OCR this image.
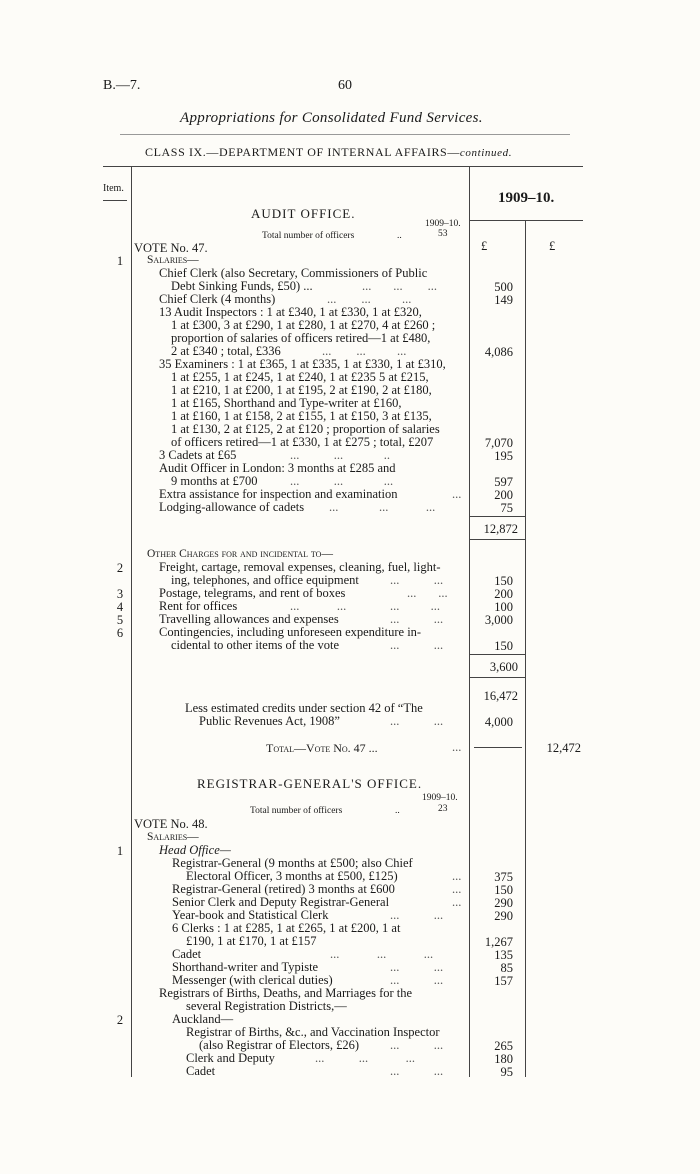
B.—7.	60
Appropriations for Consolidated Fund Services.
CLASS IX.—DEPARTMENT OF INTERNAL AFFAIRS—continued.
Item.
1909–10.
AUDIT OFFICE.
1909–10.
Total number of officers	..	53
VOTE No. 47.	£	£
1	Salaries—
Chief Clerk (also Secretary, Commissioners of Public
Debt Sinking Funds, £50) ...	...       ...        ...	500
Chief Clerk (4 months)	...        ...          ...	149
13 Audit Inspectors : 1 at £340, 1 at £330, 1 at £320,
1 at £300, 3 at £290, 1 at £280, 1 at £270, 4 at £260 ;
proportion of salaries of officers retired—1 at £480,
2 at £340 ; total, £336	...        ...          ...	4,086
35 Examiners : 1 at £365, 1 at £335, 1 at £330, 1 at £310,
1 at £255, 1 at £245, 1 at £240, 1 at £235 5 at £215,
1 at £210, 1 at £200, 1 at £195, 2 at £190, 2 at £180,
1 at £165, Shorthand and Type-writer at £160,
1 at £160, 1 at £158, 2 at £155, 1 at £150, 3 at £135,
1 at £130, 2 at £125, 2 at £120 ; proportion of salaries
of officers retired—1 at £330, 1 at £275 ; total, £207	7,070
3 Cadets at £65	...           ...             ..	195
Audit Officer in London: 3 months at £285 and
9 months at £700	...           ...             ...	597
Extra assistance for inspection and examination	...	200
Lodging-allowance of cadets ...             ...            ...	75
12,872
Other Charges for and incidental to—
2	Freight, cartage, removal expenses, cleaning, fuel, light-
ing, telephones, and office equipment ...           ...	150
3	Postage, telegrams, and rent of boxes	...       ...	200
4	Rent for offices	...            ...              ...          ...	100
5	Travelling allowances and expenses	...           ...	3,000
6	Contingencies, including unforeseen expenditure in-
cidental to other items of the vote	...           ...	150
3,600
16,472
Less estimated credits under section 42 of “The
Public Revenues Act, 1908”	...           ...	4,000
Total—Vote No. 47 ...	...	12,472
REGISTRAR-GENERAL'S OFFICE.
1909–10.
Total number of officers	..	23
VOTE No. 48.
Salaries—
1	Head Office—
Registrar-General (9 months at £500; also Chief
Electoral Officer, 3 months at £500, £125)	...	375
Registrar-General (retired) 3 months at £600	...	150
Senior Clerk and Deputy Registrar-General	...	290
Year-book and Statistical Clerk	...           ...	290
6 Clerks : 1 at £285, 1 at £265, 1 at £200, 1 at
£190, 1 at £170, 1 at £157	1,267
Cadet	...            ...            ...	135
Shorthand-writer and Typiste	...           ...	85
Messenger (with clerical duties)	...           ...	157
Registrars of Births, Deaths, and Marriages for the
several Registration Districts,—
2	Auckland—
Registrar of Births, &c., and Vaccination Inspector
(also Registrar of Electors, £26) ...           ...	265
Clerk and Deputy	...           ...            ...	180
Cadet	...           ...	95
